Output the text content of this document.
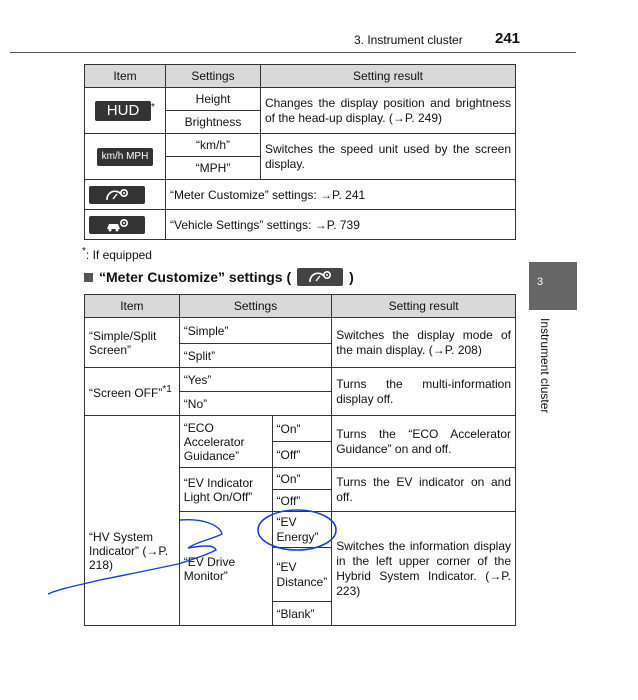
3. Instrument cluster 241
Item	Settings	Setting result
HUD *	Height	Changes the display position and brightness of the head-up display. (→P. 249)
	Brightness	
km/h MPH	“km/h”	Switches the speed unit used by the screen display.
	“MPH”	

	“Meter Customize” settings: →P. 241	

	“Vehicle Settings” settings: →P. 739	
*: If equipped
“Meter Customize” settings (	)
Item	Settings		Setting result
“Simple/Split Screen”	“Simple”		Switches the display mode of the main display. (→P. 208)
	“Split”		
“Screen OFF”$^{*1}$	“Yes”		Turns the multi-information display off.
	“No”		
“HV System Indicator” (→P. 218)	“ECO Accelerator Guidance”	“On”	Turns the “ECO Accelerator Guidance” on and off.
		“Off”	
	“EV Indicator Light On/Off”	“On”	Turns the EV indicator on and off.
		“Off”	
	“EV Drive Monitor”	“EV Energy”	Switches the information display in the left upper corner of the Hybrid System Indicator. (→P. 223)
		“EV Distance”	
		“Blank”	
3
Instrument cluster
